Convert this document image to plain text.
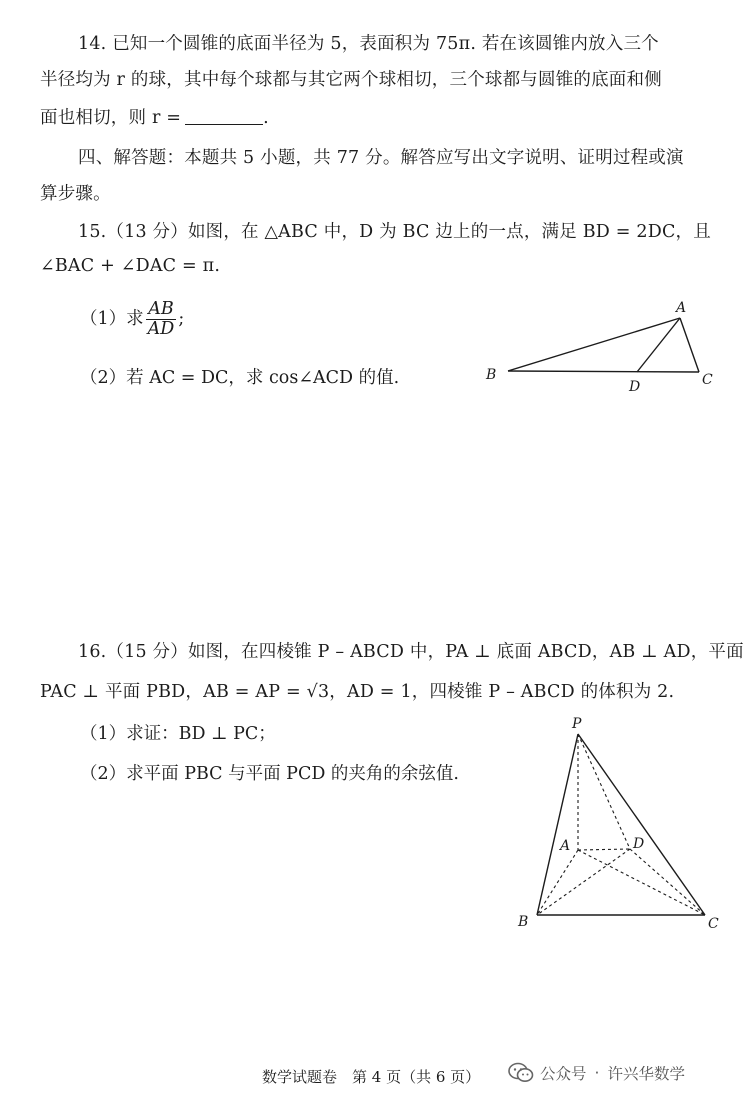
14. 已知一个圆锥的底面半径为 5，表面积为 75π. 若在该圆锥内放入三个
半径均为 r 的球，其中每个球都与其它两个球相切，三个球都与圆锥的底面和侧
面也相切，则 r =	.
四、解答题：本题共 5 小题，共 77 分。解答应写出文字说明、证明过程或演
算步骤。
15.（13 分）如图，在 △ABC 中，D 为 BC 边上的一点，满足 BD = 2DC，且
∠BAC + ∠DAC = π.
（1）求 $\frac{AB}{AD}$ ;
（2）若 AC = DC，求 cos∠ACD 的值.
A
B	C
D
16.（15 分）如图，在四棱锥 P – ABCD 中，PA ⊥ 底面 ABCD，AB ⊥ AD，平面
PAC ⊥ 平面 PBD，AB = AP = √3，AD = 1，四棱锥 P – ABCD 的体积为 2.
（1）求证：BD ⊥ PC；
（2）求平面 PBC 与平面 PCD 的夹角的余弦值.
P
A	D
B	C
数学试题卷　第 4 页（共 6 页）	公众号 · 许兴华数学
